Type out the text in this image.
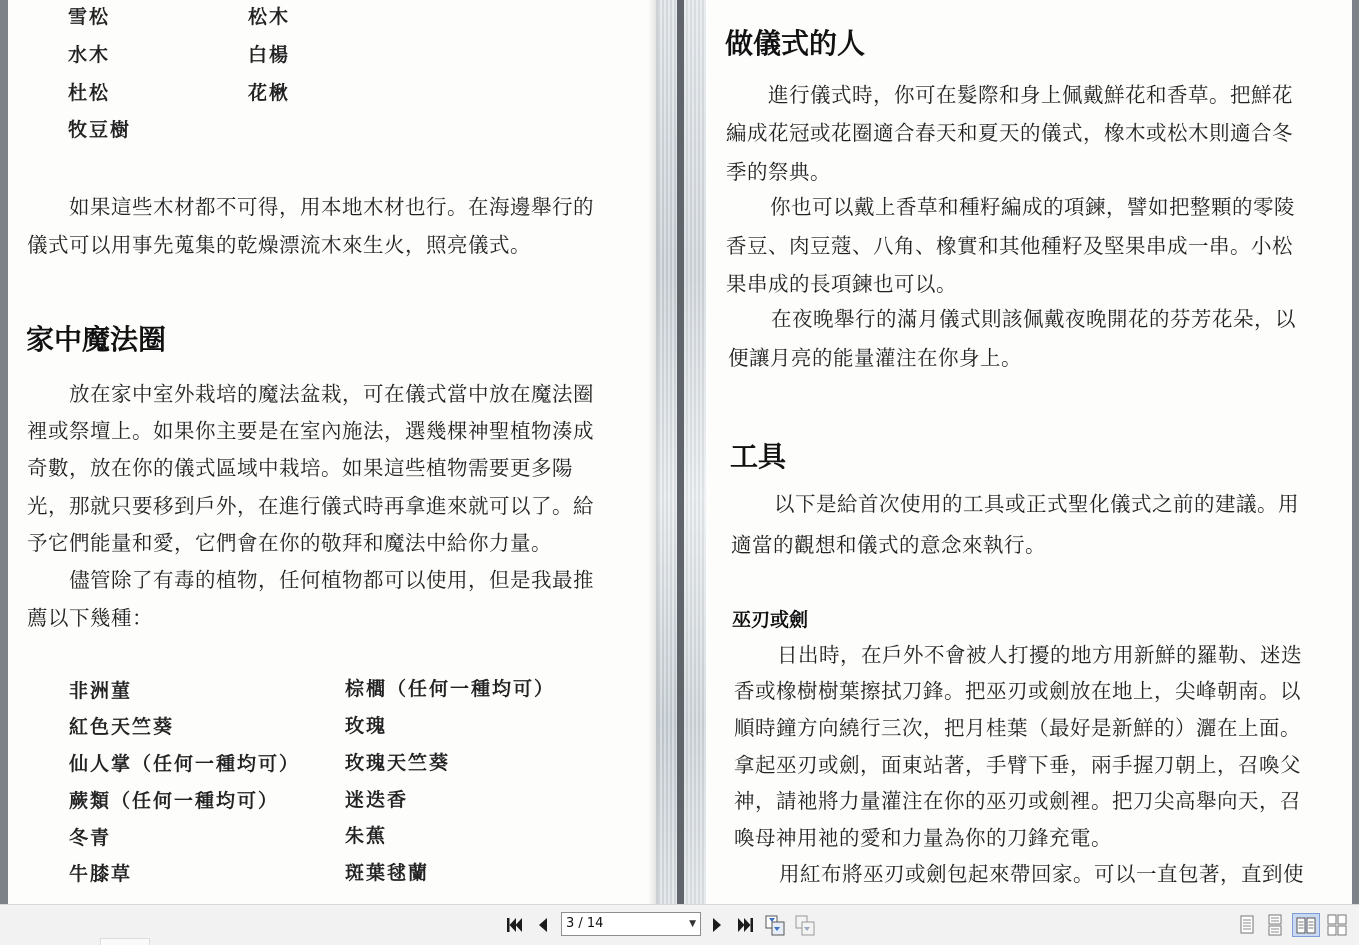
雪松	松木
水木	白楊
杜松	花楸
牧豆樹
如果這些木材都不可得，用本地木材也行。在海邊舉行的
儀式可以用事先蒐集的乾燥漂流木來生火，照亮儀式。
家中魔法圈
放在家中室外栽培的魔法盆栽，可在儀式當中放在魔法圈
裡或祭壇上。如果你主要是在室內施法，選幾棵神聖植物湊成
奇數，放在你的儀式區域中栽培。如果這些植物需要更多陽
光，那就只要移到戶外，在進行儀式時再拿進來就可以了。給
予它們能量和愛，它們會在你的敬拜和魔法中給你力量。
儘管除了有毒的植物，任何植物都可以使用，但是我最推
薦以下幾種：
非洲菫	棕櫚（任何一種均可）
紅色天竺葵	玫瑰
仙人掌（任何一種均可） 玫瑰天竺葵
蕨類（任何一種均可）	迷迭香
冬青	朱蕉
牛膝草	斑葉毬蘭
做儀式的人
進行儀式時，你可在髮際和身上佩戴鮮花和香草。把鮮花
編成花冠或花圈適合春天和夏天的儀式，橡木或松木則適合冬
季的祭典。
你也可以戴上香草和種籽編成的項鍊，譬如把整顆的零陵
香豆、肉豆蔻、八角、橡實和其他種籽及堅果串成一串。小松
果串成的長項鍊也可以。
在夜晚舉行的滿月儀式則該佩戴夜晚開花的芬芳花朵，以
便讓月亮的能量灌注在你身上。
工具
以下是給首次使用的工具或正式聖化儀式之前的建議。用
適當的觀想和儀式的意念來執行。
巫刃或劍
日出時，在戶外不會被人打擾的地方用新鮮的羅勒、迷迭
香或橡樹樹葉擦拭刀鋒。把巫刃或劍放在地上，尖峰朝南。以
順時鐘方向繞行三次，把月桂葉（最好是新鮮的）灑在上面。
拿起巫刃或劍，面東站著，手臂下垂，兩手握刀朝上，召喚父
神，請祂將力量灌注在你的巫刃或劍裡。把刀尖高舉向天，召
喚母神用祂的愛和力量為你的刀鋒充電。
用紅布將巫刃或劍包起來帶回家。可以一直包著，直到使
3 / 14	▼
